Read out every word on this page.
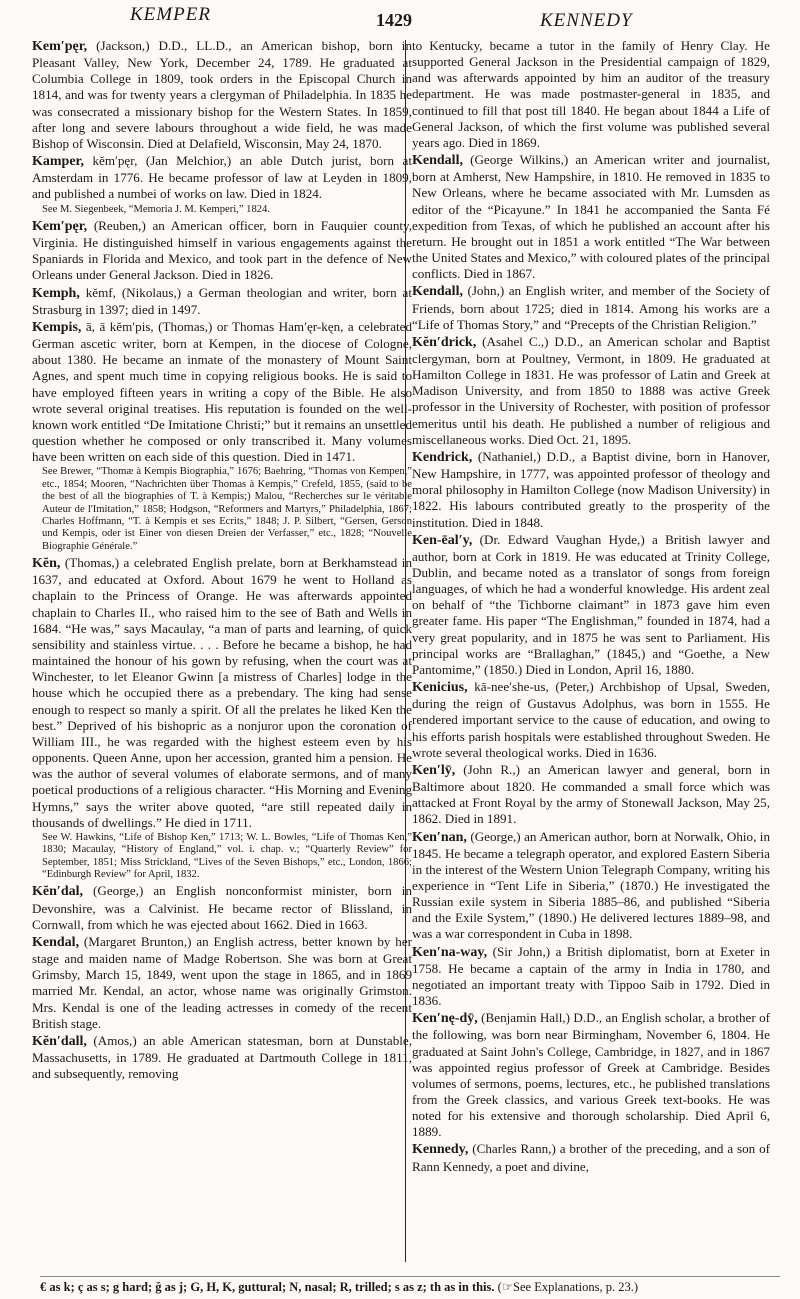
KEMPER	1429	KENNEDY

Kem′pęr, (Jackson,) D.D., LL.D., an American bishop, born in Pleasant Valley, New York, December 24, 1789. He graduated at Columbia College in 1809, took orders in the Episcopal Church in 1814, and was for twenty years a clergyman of Philadelphia. In 1835 he was consecrated a missionary bishop for the Western States. In 1859, after long and severe labours throughout a wide field, he was made Bishop of Wisconsin. Died at Delafield, Wisconsin, May 24, 1870.

Kamper, kĕm′pęr, (Jan Melchior,) an able Dutch jurist, born at Amsterdam in 1776. He became professor of law at Leyden in 1809, and published a numbei of works on law. Died in 1824.

See M. Siegenbeek, “Memoria J. M. Kemperi,” 1824.

Kem′pęr, (Reuben,) an American officer, born in Fauquier county, Virginia. He distinguished himself in various engagements against the Spaniards in Florida and Mexico, and took part in the defence of New Orleans under General Jackson. Died in 1826.

Kemph, kĕmf, (Nikolaus,) a German theologian and writer, born at Strasburg in 1397; died in 1497.

Kempis, ā, ā kĕm′pis, (Thomas,) or Thomas Ham′ęr-kęn, a celebrated German ascetic writer, born at Kempen, in the diocese of Cologne, about 1380. He became an inmate of the monastery of Mount Saint Agnes, and spent much time in copying religious books. He is said to have employed fifteen years in writing a copy of the Bible. He also wrote several original treatises. His reputation is founded on the well-known work entitled “De Imitatione Christi;” but it remains an unsettled question whether he composed or only transcribed it. Many volumes have been written on each side of this question. Died in 1471.

See Brewer, “Thomæ à Kempis Biographia,” 1676; Baehring, “Thomas von Kempen,” etc., 1854; Mooren, “Nachrichten über Thomas à Kempis,” Crefeld, 1855, (said to be the best of all the biographies of T. à Kempis;) Malou, “Recherches sur le véritable Auteur de l'Imitation,” 1858; Hodgson, “Reformers and Martyrs,” Philadelphia, 1867; Charles Hoffmann, “T. à Kempis et ses Ecrits,” 1848; J. P. Silbert, “Gersen, Gerson und Kempis, oder ist Einer von diesen Dreien der Verfasser,” etc., 1828; “Nouvelle Biographie Générale.”

Kĕn, (Thomas,) a celebrated English prelate, born at Berkhamstead in 1637, and educated at Oxford. About 1679 he went to Holland as chaplain to the Princess of Orange. He was afterwards appointed chaplain to Charles II., who raised him to the see of Bath and Wells in 1684. “He was,” says Macaulay, “a man of parts and learning, of quick sensibility and stainless virtue. . . . Before he became a bishop, he had maintained the honour of his gown by refusing, when the court was at Winchester, to let Eleanor Gwinn [a mistress of Charles] lodge in the house which he occupied there as a prebendary. The king had sense enough to respect so manly a spirit. Of all the prelates he liked Ken the best.” Deprived of his bishopric as a nonjuror upon the coronation of William III., he was regarded with the highest esteem even by his opponents. Queen Anne, upon her accession, granted him a pension. He was the author of several volumes of elaborate sermons, and of many poetical productions of a religious character. “His Morning and Evening Hymns,” says the writer above quoted, “are still repeated daily in thousands of dwellings.” He died in 1711.

See W. Hawkins, “Life of Bishop Ken,” 1713; W. L. Bowles, “Life of Thomas Ken,” 1830; Macaulay, “History of England,” vol. i. chap. v.; “Quarterly Review” for September, 1851; Miss Strickland, “Lives of the Seven Bishops,” etc., London, 1866; “Edinburgh Review” for April, 1832.

Kĕn′dal, (George,) an English nonconformist minister, born in Devonshire, was a Calvinist. He became rector of Blissland, in Cornwall, from which he was ejected about 1662. Died in 1663.

Kendal, (Margaret Brunton,) an English actress, better known by her stage and maiden name of Madge Robertson. She was born at Great Grimsby, March 15, 1849, went upon the stage in 1865, and in 1869 married Mr. Kendal, an actor, whose name was originally Grimston. Mrs. Kendal is one of the leading actresses in comedy of the recent British stage.

Kĕn′dall, (Amos,) an able American statesman, born at Dunstable, Massachusetts, in 1789. He graduated at Dartmouth College in 1811, and subsequently, removing

to Kentucky, became a tutor in the family of Henry Clay. He supported General Jackson in the Presidential campaign of 1829, and was afterwards appointed by him an auditor of the treasury department. He was made postmaster-general in 1835, and continued to fill that post till 1840. He began about 1844 a Life of General Jackson, of which the first volume was published several years ago. Died in 1869.

Kendall, (George Wilkins,) an American writer and journalist, born at Amherst, New Hampshire, in 1810. He removed in 1835 to New Orleans, where he became associated with Mr. Lumsden as editor of the “Picayune.” In 1841 he accompanied the Santa Fé expedition from Texas, of which he published an account after his return. He brought out in 1851 a work entitled “The War between the United States and Mexico,” with coloured plates of the principal conflicts. Died in 1867.

Kendall, (John,) an English writer, and member of the Society of Friends, born about 1725; died in 1814. Among his works are a “Life of Thomas Story,” and “Precepts of the Christian Religion.”

Kĕn′drick, (Asahel C.,) D.D., an American scholar and Baptist clergyman, born at Poultney, Vermont, in 1809. He graduated at Hamilton College in 1831. He was professor of Latin and Greek at Madison University, and from 1850 to 1888 was active Greek professor in the University of Rochester, with position of professor emeritus until his death. He published a number of religious and miscellaneous works. Died Oct. 21, 1895.

Kendrick, (Nathaniel,) D.D., a Baptist divine, born in Hanover, New Hampshire, in 1777, was appointed professor of theology and moral philosophy in Hamilton College (now Madison University) in 1822. His labours contributed greatly to the prosperity of the institution. Died in 1848.

Ken-ēal′y, (Dr. Edward Vaughan Hyde,) a British lawyer and author, born at Cork in 1819. He was educated at Trinity College, Dublin, and became noted as a translator of songs from foreign languages, of which he had a wonderful knowledge. His ardent zeal on behalf of “the Tichborne claimant” in 1873 gave him even greater fame. His paper “The Englishman,” founded in 1874, had a very great popularity, and in 1875 he was sent to Parliament. His principal works are “Brallaghan,” (1845,) and “Goethe, a New Pantomime,” (1850.) Died in London, April 16, 1880.

Kenicius, kā-nee′she-us, (Peter,) Archbishop of Upsal, Sweden, during the reign of Gustavus Adolphus, was born in 1555. He rendered important service to the cause of education, and owing to his efforts parish hospitals were established throughout Sweden. He wrote several theological works. Died in 1636.

Ken′lȳ, (John R.,) an American lawyer and general, born in Baltimore about 1820. He commanded a small force which was attacked at Front Royal by the army of Stonewall Jackson, May 25, 1862. Died in 1891.

Ken′nan, (George,) an American author, born at Norwalk, Ohio, in 1845. He became a telegraph operator, and explored Eastern Siberia in the interest of the Western Union Telegraph Company, writing his experience in “Tent Life in Siberia,” (1870.) He investigated the Russian exile system in Siberia 1885–86, and published “Siberia and the Exile System,” (1890.) He delivered lectures 1889–98, and was a war correspondent in Cuba in 1898.

Ken′na-way, (Sir John,) a British diplomatist, born at Exeter in 1758. He became a captain of the army in India in 1780, and negotiated an important treaty with Tippoo Saib in 1792. Died in 1836.

Ken′nę-dȳ, (Benjamin Hall,) D.D., an English scholar, a brother of the following, was born near Birmingham, November 6, 1804. He graduated at Saint John's College, Cambridge, in 1827, and in 1867 was appointed regius professor of Greek at Cambridge. Besides volumes of sermons, poems, lectures, etc., he published translations from the Greek classics, and various Greek text-books. He was noted for his extensive and thorough scholarship. Died April 6, 1889.

Kennedy, (Charles Rann,) a brother of the preceding, and a son of Rann Kennedy, a poet and divine,

€ as k; ç as s; g hard; ğ as j; G, H, K, guttural; N, nasal; R, trilled; s as z; th as in this. (☞See Explanations, p. 23.)
